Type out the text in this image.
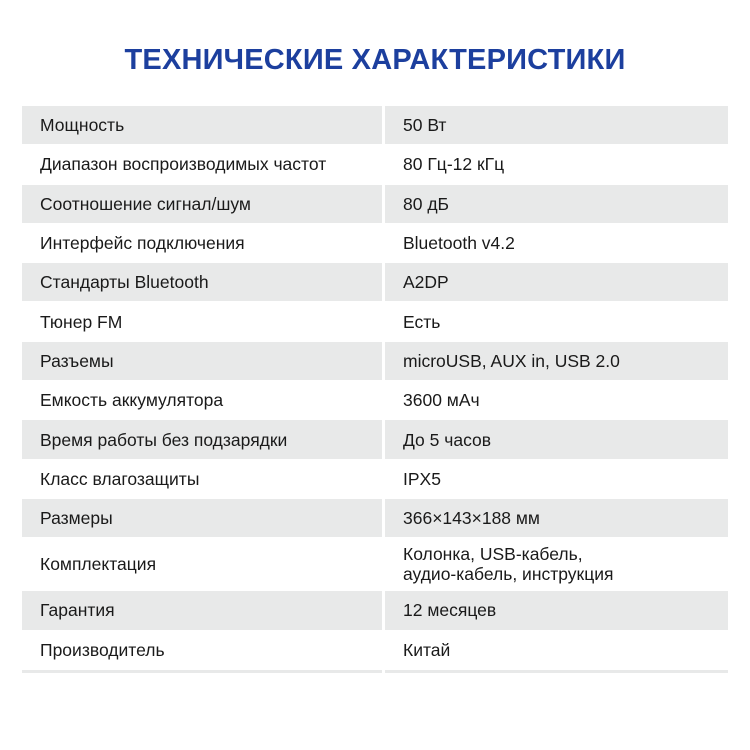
ТЕХНИЧЕСКИЕ ХАРАКТЕРИСТИКИ
Мощность	50 Вт
Диапазон воспроизводимых частот	80 Гц-12 кГц
Соотношение сигнал/шум	80 дБ
Интерфейс подключения	Bluetooth v4.2
Стандарты Bluetooth	A2DP
Тюнер FM	Есть
Разъемы	microUSB, AUX in, USB 2.0
Емкость аккумулятора	3600 мАч
Время работы без подзарядки	До 5 часов
Класс влагозащиты	IPX5
Размеры	366×143×188 мм
Комплектация	Колонка, USB-кабель,
аудио-кабель, инструкция
Гарантия	12 месяцев
Производитель	Китай
